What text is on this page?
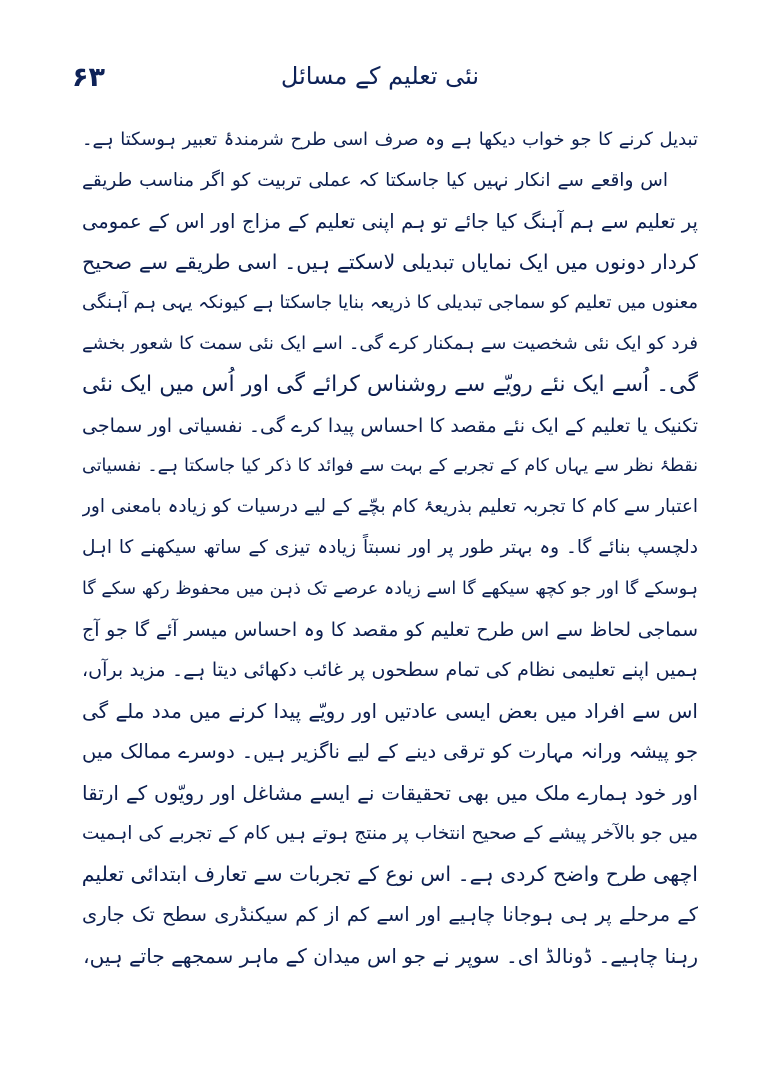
۶۳	نئی تعلیم کے مسائل
تبدیل کرنے کا جو خواب دیکھا ہے وہ صرف اسی طرح شرمندۂ تعبیر ہوسکتا ہے۔
اس واقعے سے انکار نہیں کیا جاسکتا کہ عملی تربیت کو اگر مناسب طریقے
پر تعلیم سے ہم آہنگ کیا جائے تو ہم اپنی تعلیم کے مزاج اور اس کے عمومی
کردار دونوں میں ایک نمایاں تبدیلی لاسکتے ہیں۔ اسی طریقے سے صحیح
معنوں میں تعلیم کو سماجی تبدیلی کا ذریعہ بنایا جاسکتا ہے کیونکہ یہی ہم آہنگی
فرد کو ایک نئی شخصیت سے ہمکنار کرے گی۔ اسے ایک نئی سمت کا شعور بخشے
گی۔ اُسے ایک نئے رویّے سے روشناس کرائے گی اور اُس میں ایک نئی
تکنیک یا تعلیم کے ایک نئے مقصد کا احساس پیدا کرے گی۔ نفسیاتی اور سماجی
نقطۂ نظر سے یہاں کام کے تجربے کے بہت سے فوائد کا ذکر کیا جاسکتا ہے۔ نفسیاتی
اعتبار سے کام کا تجربہ تعلیم بذریعۂ کام بچّے کے لیے درسیات کو زیادہ بامعنی اور
دلچسپ بنائے گا۔ وہ بہتر طور پر اور نسبتاً زیادہ تیزی کے ساتھ سیکھنے کا اہل
ہوسکے گا اور جو کچھ سیکھے گا اسے زیادہ عرصے تک ذہن میں محفوظ رکھ سکے گا
سماجی لحاظ سے اس طرح تعلیم کو مقصد کا وہ احساس میسر آئے گا جو آج
ہمیں اپنے تعلیمی نظام کی تمام سطحوں پر غائب دکھائی دیتا ہے۔ مزید برآں،
اس سے افراد میں بعض ایسی عادتیں اور رویّے پیدا کرنے میں مدد ملے گی
جو پیشہ ورانہ مہارت کو ترقی دینے کے لیے ناگزیر ہیں۔ دوسرے ممالک میں
اور خود ہمارے ملک میں بھی تحقیقات نے ایسے مشاغل اور رویّوں کے ارتقا
میں جو بالآخر پیشے کے صحیح انتخاب پر منتج ہوتے ہیں کام کے تجربے کی اہمیت
اچھی طرح واضح کردی ہے۔ اس نوع کے تجربات سے تعارف ابتدائی تعلیم
کے مرحلے پر ہی ہوجانا چاہیے اور اسے کم از کم سیکنڈری سطح تک جاری
رہنا چاہیے۔ ڈونالڈ ای۔ سوپر نے جو اس میدان کے ماہر سمجھے جاتے ہیں،
